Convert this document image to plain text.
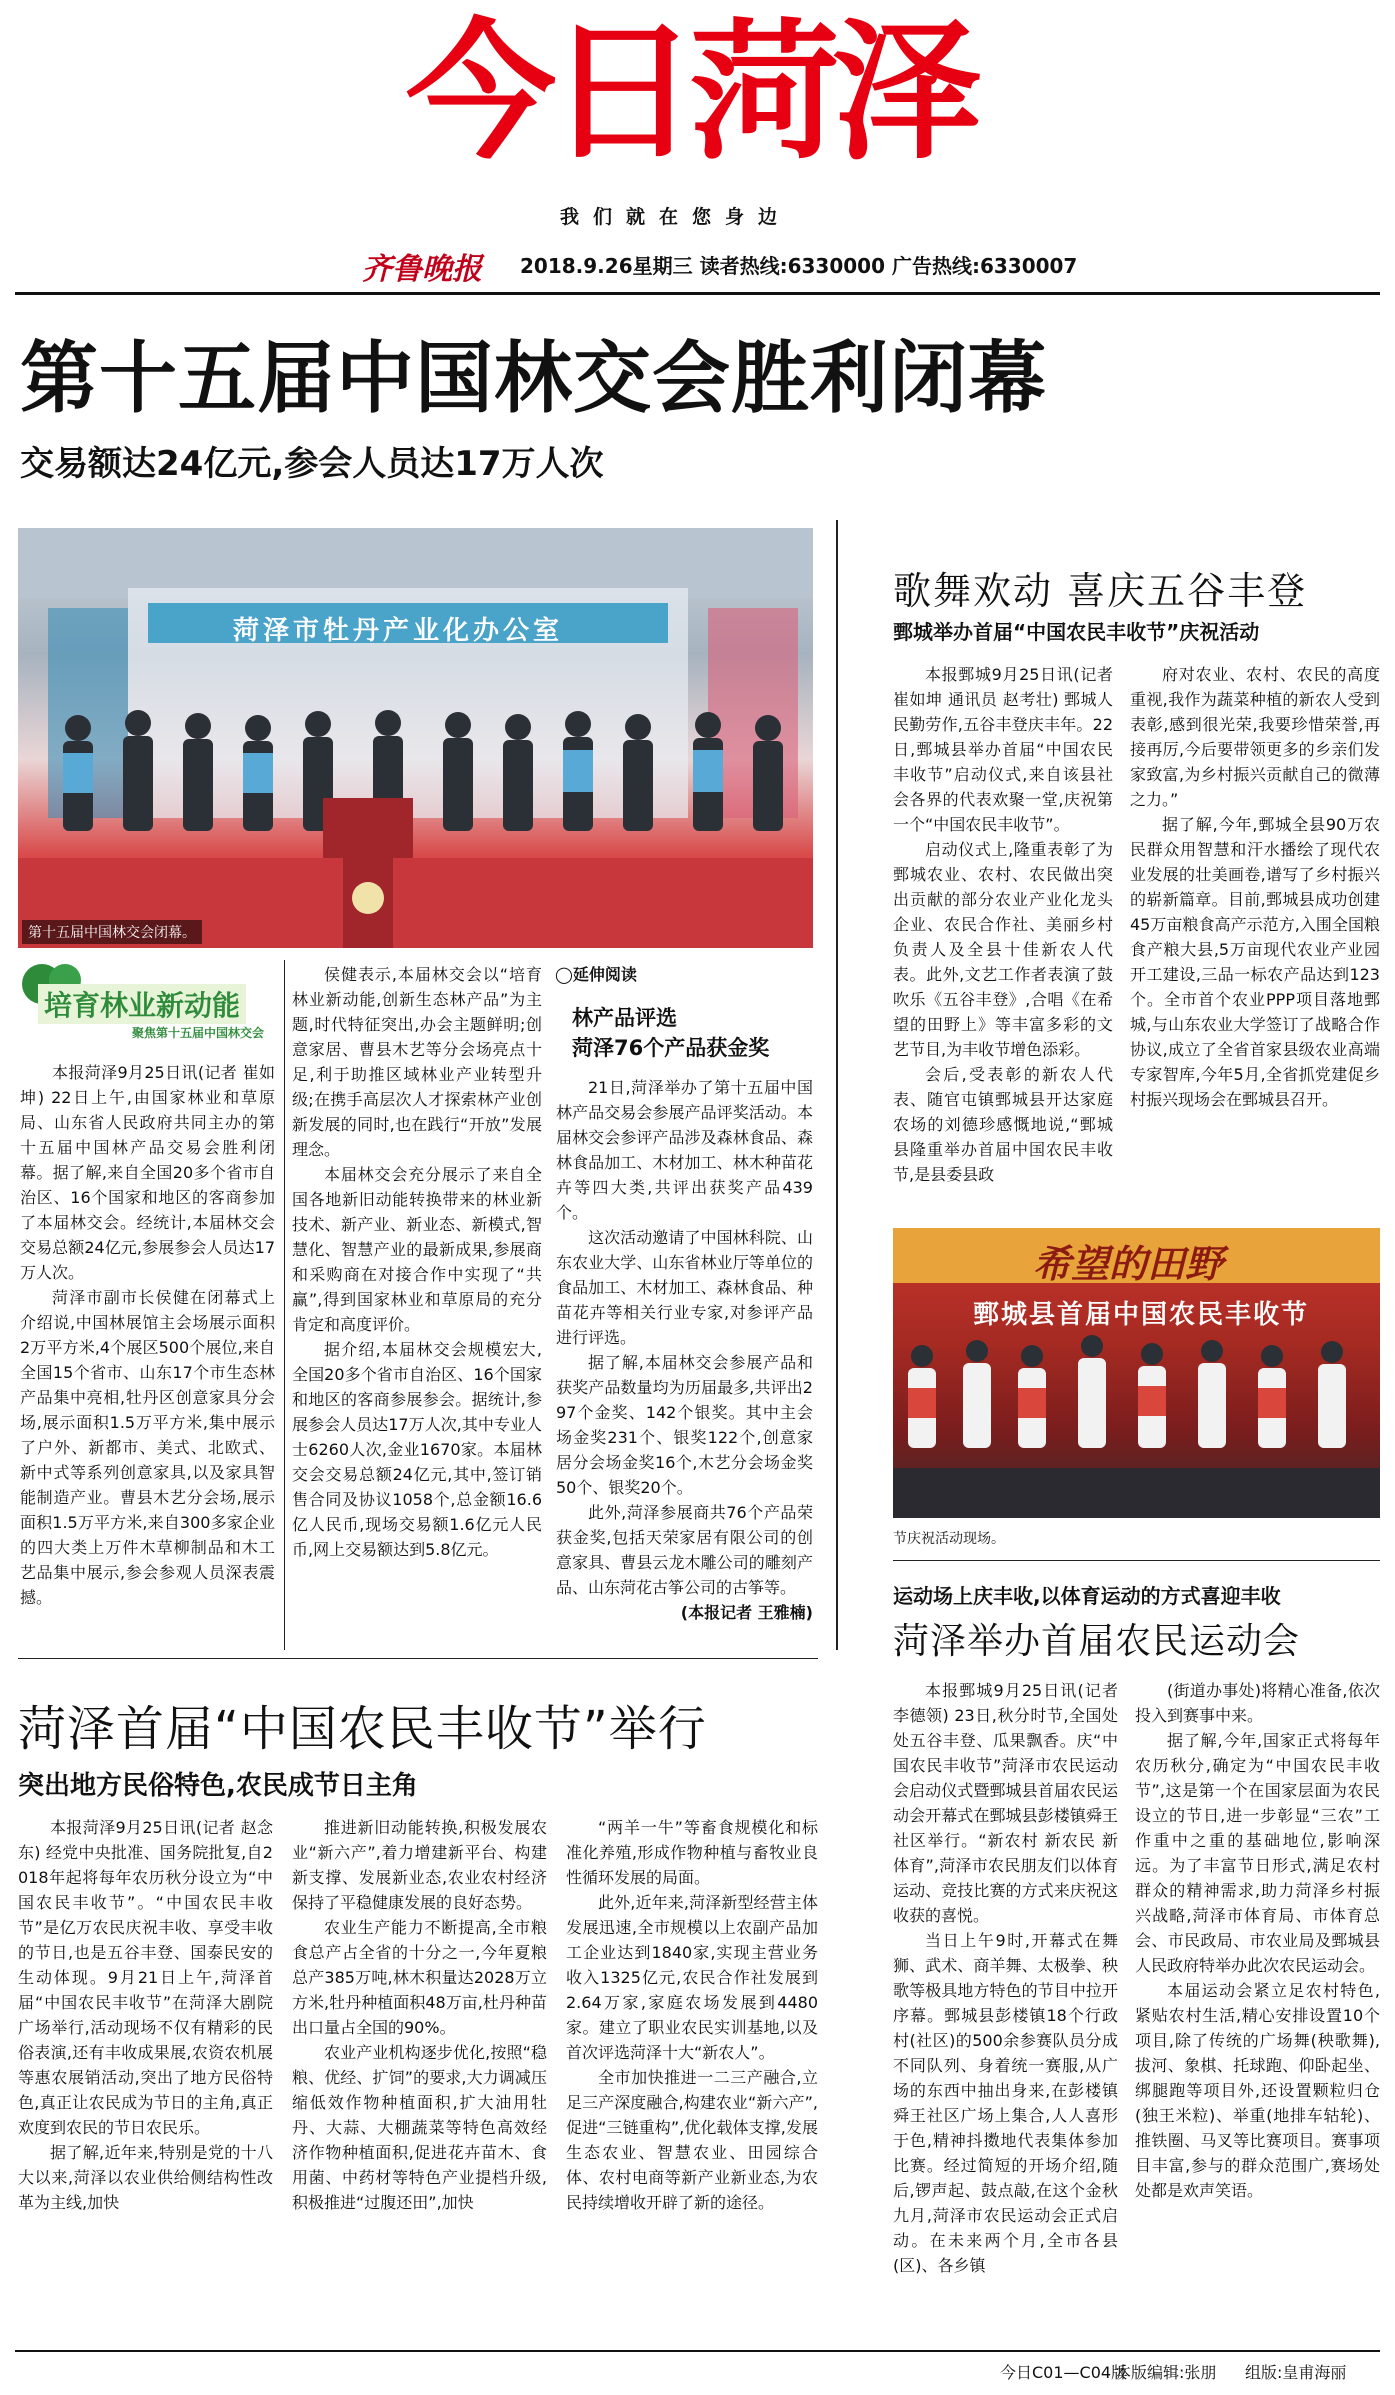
今日菏泽
我们就在您身边
齐鲁晚报 2018.9.26星期三 读者热线:6330000 广告热线:6330007
第十五届中国林交会胜利闭幕
交易额达24亿元,参会人员达17万人次
菏泽市牡丹产业化办公室
第十五届中国林交会闭幕。
培育林业新动能
聚焦第十五届中国林交会

本报菏泽9月25日讯(记者 崔如坤) 22日上午,由国家林业和草原局、山东省人民政府共同主办的第十五届中国林产品交易会胜利闭幕。据了解,来自全国20多个省市自治区、16个国家和地区的客商参加了本届林交会。经统计,本届林交会交易总额24亿元,参展参会人员达17万人次。

菏泽市副市长侯健在闭幕式上介绍说,中国林展馆主会场展示面积2万平方米,4个展区500个展位,来自全国15个省市、山东17个市生态林产品集中亮相,牡丹区创意家具分会场,展示面积1.5万平方米,集中展示了户外、新都市、美式、北欧式、新中式等系列创意家具,以及家具智能制造产业。曹县木艺分会场,展示面积1.5万平方米,来自300多家企业的四大类上万件木草柳制品和木工艺品集中展示,参会参观人员深表震撼。

侯健表示,本届林交会以“培育林业新动能,创新生态林产品”为主题,时代特征突出,办会主题鲜明;创意家居、曹县木艺等分会场亮点十足,利于助推区域林业产业转型升级;在携手高层次人才探索林产业创新发展的同时,也在践行“开放”发展理念。

本届林交会充分展示了来自全国各地新旧动能转换带来的林业新技术、新产业、新业态、新模式,智慧化、智慧产业的最新成果,参展商和采购商在对接合作中实现了“共赢”,得到国家林业和草原局的充分肯定和高度评价。

据介绍,本届林交会规模宏大,全国20多个省市自治区、16个国家和地区的客商参展参会。据统计,参展参会人员达17万人次,其中专业人士6260人次,金业1670家。本届林交会交易总额24亿元,其中,签订销售合同及协议1058个,总金额16.6亿人民币,现场交易额1.6亿元人民币,网上交易额达到5.8亿元。

◯延伸阅读
林产品评选
菏泽76个产品获金奖

21日,菏泽举办了第十五届中国林产品交易会参展产品评奖活动。本届林交会参评产品涉及森林食品、森林食品加工、木材加工、林木种苗花卉等四大类,共评出获奖产品439个。

这次活动邀请了中国林科院、山东农业大学、山东省林业厅等单位的食品加工、木材加工、森林食品、种苗花卉等相关行业专家,对参评产品进行评选。

据了解,本届林交会参展产品和获奖产品数量均为历届最多,共评出297个金奖、142个银奖。其中主会场金奖231个、银奖122个,创意家居分会场金奖16个,木艺分会场金奖50个、银奖20个。

此外,菏泽参展商共76个产品荣获金奖,包括天荣家居有限公司的创意家具、曹县云龙木雕公司的雕刻产品、山东菏花古筝公司的古筝等。

(本报记者 王雅楠)
歌舞欢动 喜庆五谷丰登
鄄城举办首届“中国农民丰收节”庆祝活动

本报鄄城9月25日讯(记者 崔如坤 通讯员 赵考壮) 鄄城人民勤劳作,五谷丰登庆丰年。22日,鄄城县举办首届“中国农民丰收节”启动仪式,来自该县社会各界的代表欢聚一堂,庆祝第一个“中国农民丰收节”。

启动仪式上,隆重表彰了为鄄城农业、农村、农民做出突出贡献的部分农业产业化龙头企业、农民合作社、美丽乡村负责人及全县十佳新农人代表。此外,文艺工作者表演了鼓吹乐《五谷丰登》,合唱《在希望的田野上》等丰富多彩的文艺节目,为丰收节增色添彩。

会后,受表彰的新农人代表、随官屯镇鄄城县开达家庭农场的刘德珍感慨地说,“鄄城县隆重举办首届中国农民丰收节,是县委县政

府对农业、农村、农民的高度重视,我作为蔬菜种植的新农人受到表彰,感到很光荣,我要珍惜荣誉,再接再厉,今后要带领更多的乡亲们发家致富,为乡村振兴贡献自己的微薄之力。”

据了解,今年,鄄城全县90万农民群众用智慧和汗水播绘了现代农业发展的壮美画卷,谱写了乡村振兴的崭新篇章。目前,鄄城县成功创建45万亩粮食高产示范方,入围全国粮食产粮大县,5万亩现代农业产业园开工建设,三品一标农产品达到123个。全市首个农业PPP项目落地鄄城,与山东农业大学签订了战略合作协议,成立了全省首家县级农业高端专家智库,今年5月,全省抓党建促乡村振兴现场会在鄄城县召开。

希望的田野
鄄城县首届中国农民丰收节
节庆祝活动现场。
运动场上庆丰收,以体育运动的方式喜迎丰收
菏泽举办首届农民运动会

本报鄄城9月25日讯(记者 李德领) 23日,秋分时节,全国处处五谷丰登、瓜果飘香。庆“中国农民丰收节”菏泽市农民运动会启动仪式暨鄄城县首届农民运动会开幕式在鄄城县彭楼镇舜王社区举行。“新农村 新农民 新体育”,菏泽市农民朋友们以体育运动、竞技比赛的方式来庆祝这收获的喜悦。

当日上午9时,开幕式在舞狮、武术、商羊舞、太极拳、秧歌等极具地方特色的节目中拉开序幕。鄄城县彭楼镇18个行政村(社区)的500余参赛队员分成不同队列、身着统一赛服,从广场的东西中抽出身来,在彭楼镇舜王社区广场上集合,人人喜形于色,精神抖擞地代表集体参加比赛。经过简短的开场介绍,随后,锣声起、鼓点敲,在这个金秋九月,菏泽市农民运动会正式启动。在未来两个月,全市各县(区)、各乡镇

(街道办事处)将精心准备,依次投入到赛事中来。

据了解,今年,国家正式将每年农历秋分,确定为“中国农民丰收节”,这是第一个在国家层面为农民设立的节日,进一步彰显“三农”工作重中之重的基础地位,影响深远。为了丰富节日形式,满足农村群众的精神需求,助力菏泽乡村振兴战略,菏泽市体育局、市体育总会、市民政局、市农业局及鄄城县人民政府特举办此次农民运动会。

本届运动会紧立足农村特色,紧贴农村生活,精心安排设置10个项目,除了传统的广场舞(秧歌舞),拔河、象棋、托球跑、仰卧起坐、绑腿跑等项目外,还设置颗粒归仓(独王米粒)、举重(地排车轱轮)、推铁圈、马叉等比赛项目。赛事项目丰富,参与的群众范围广,赛场处处都是欢声笑语。

菏泽首届“中国农民丰收节”举行
突出地方民俗特色,农民成节日主角

本报菏泽9月25日讯(记者 赵念东) 经党中央批准、国务院批复,自2018年起将每年农历秋分设立为“中国农民丰收节”。“中国农民丰收节”是亿万农民庆祝丰收、享受丰收的节日,也是五谷丰登、国泰民安的生动体现。9月21日上午,菏泽首届“中国农民丰收节”在菏泽大剧院广场举行,活动现场不仅有精彩的民俗表演,还有丰收成果展,农资农机展等惠农展销活动,突出了地方民俗特色,真正让农民成为节日的主角,真正欢度到农民的节日农民乐。

据了解,近年来,特别是党的十八大以来,菏泽以农业供给侧结构性改革为主线,加快

推进新旧动能转换,积极发展农业“新六产”,着力增建新平台、构建新支撑、发展新业态,农业农村经济保持了平稳健康发展的良好态势。

农业生产能力不断提高,全市粮食总产占全省的十分之一,今年夏粮总产385万吨,林木积量达2028万立方米,牡丹种植面积48万亩,杜丹种苗出口量占全国的90%。

农业产业机构逐步优化,按照“稳粮、优经、扩饲”的要求,大力调减压缩低效作物种植面积,扩大油用牡丹、大蒜、大棚蔬菜等特色高效经济作物种植面积,促进花卉苗木、食用菌、中药材等特色产业提档升级,积极推进“过腹还田”,加快

“两羊一牛”等畜食规模化和标准化养殖,形成作物种植与畜牧业良性循环发展的局面。

此外,近年来,菏泽新型经营主体发展迅速,全市规模以上农副产品加工企业达到1840家,实现主营业务收入1325亿元,农民合作社发展到2.64万家,家庭农场发展到4480家。建立了职业农民实训基地,以及首次评选菏泽十大“新农人”。

全市加快推进一二三产融合,立足三产深度融合,构建农业“新六产”,促进“三链重构”,优化载体支撑,发展生态农业、智慧农业、田园综合体、农村电商等新产业新业态,为农民持续增收开辟了新的途径。

今日C01—C04版
本版编辑:张朋 组版:皇甫海丽
